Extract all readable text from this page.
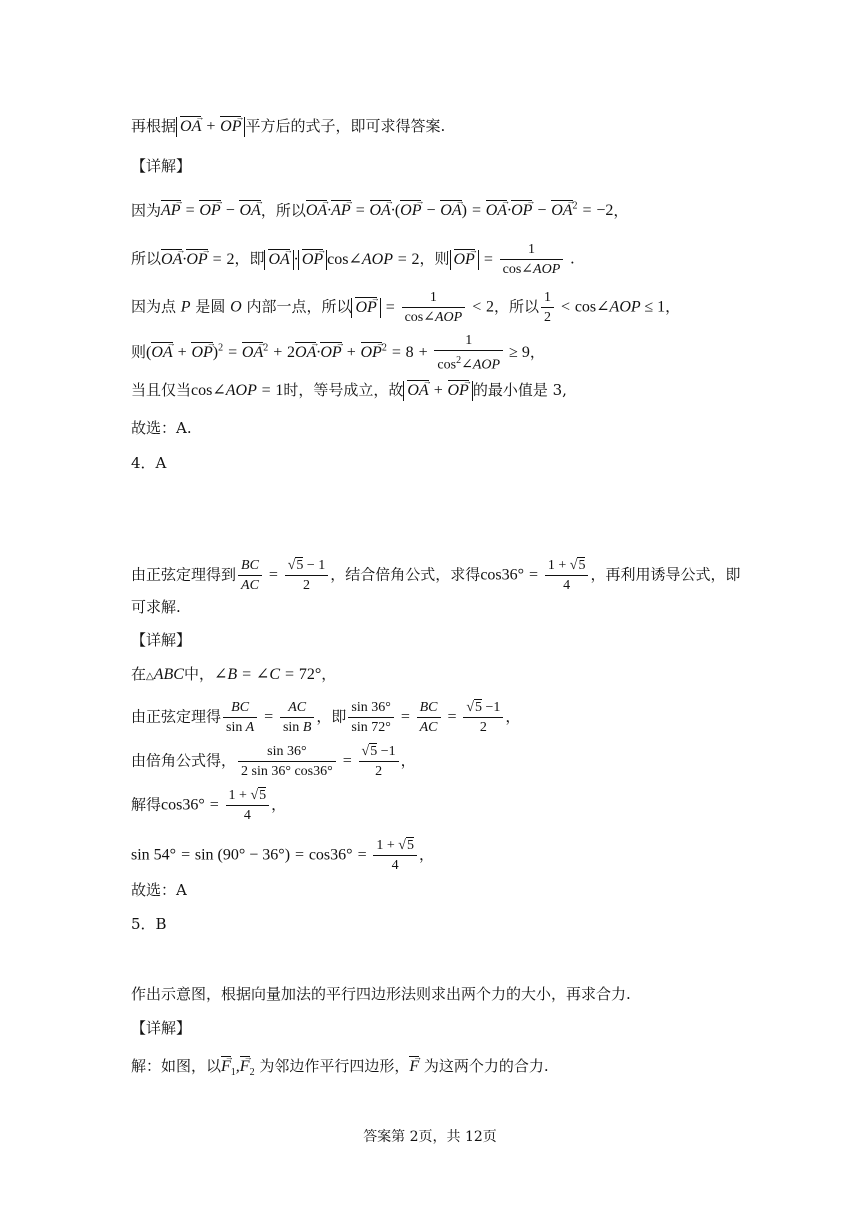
再根据 OA → + OP → 平方后的式子，即可求得答案.
【详解】
因为AP → = OP → − OA →，所以OA →·AP → = OA →·(OP → − OA →) = OA →·OP → − OA →$^2$ = −2，
所以OA →·OP → = 2，即 OA → · OP → cos∠AOP = 2，则 OP → = $\frac{1}{\text{cos∠AOP}}$ .
因为点 P 是圆 O 内部一点，所以 OP → = $\frac{1}{\text{cos∠AOP}} < 2$，所以 $\frac{1}{2}$ < cos∠AOP ≤ 1，
则(OA → + OP →)$^2$ = OA →$^2$ + 2OA →·OP → + OP $\to^2 = 8 + \frac{1}{\cos^2\angle AOP} \ge 9$，
当且仅当cos∠AOP = 1时，等号成立，故 OA → + OP → 的最小值是 3,
故选：A.
4．A
由正弦定理得到 $\frac{BC}{AC} = \frac{√5 - 1}{2}$ ，结合倍角公式，求得$\cos 36^\circ = \frac{1 + √5}{4}$ ，再利用诱导公式，即
可求解.
【详解】
在△ABC中，∠B = ∠C = 72°，
由正弦定理得 $\frac{BC}{\text{sin A}} = \frac{AC}{\text{sin B}}$ ，即 $\frac{\sin 36^\circ}{\sin 72^\circ} = \frac{BC}{AC} = \frac{√5 -1}{2}$ ，
由倍角公式得， $\frac{\sin 36^\circ}{2 \sin 36^\circ \cos 36^\circ} = \frac{√5 -1}{2}$ ，
解得$\cos 36^\circ = \frac{1 + √5}{4}$ ，
$\sin 54^\circ = \sin (90^\circ - 36^\circ) = \cos 36^\circ = \frac{1 + √5}{4}$ ，
故选：A
5．B
作出示意图，根据向量加法的平行四边形法则求出两个力的大小，再求合力.
【详解】
解：如图，以$F \to_1,F \to_2$ 为邻边作平行四边形，F → 为这两个力的合力.
答案第 2页，共 12页
